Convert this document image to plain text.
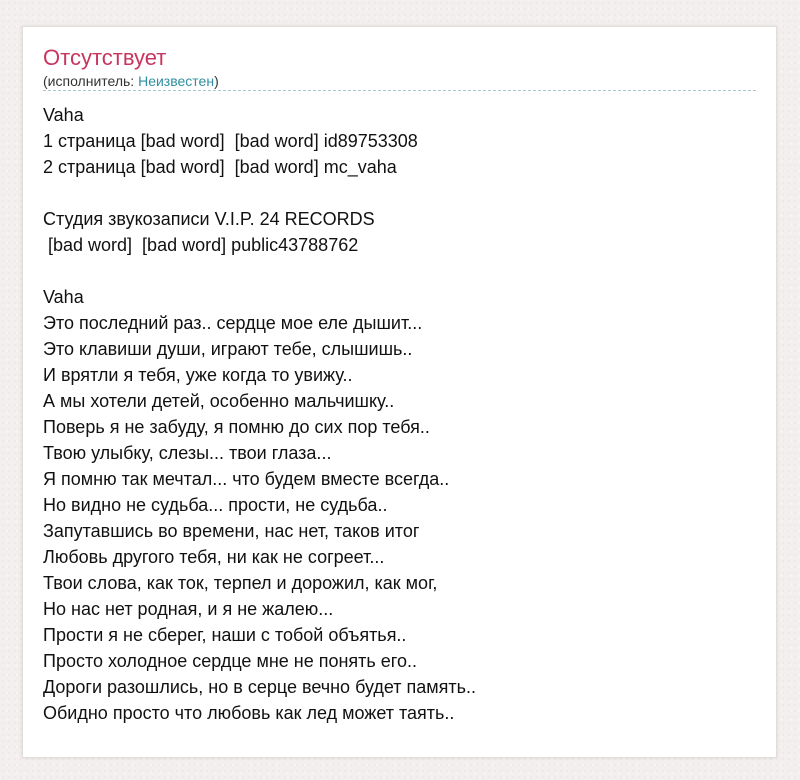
Отсутствует
(исполнитель: Неизвестен)
Vaha
1 страница [bad word]  [bad word] id89753308
2 страница [bad word]  [bad word] mc_vaha
Студия звукозаписи V.I.P. 24 RECORDS
[bad word]  [bad word] public43788762
Vaha
Это последний раз.. сердце мое еле дышит...
Это клавиши души, играют тебе, слышишь..
И врятли я тебя, уже когда то увижу..
А мы хотели детей, особенно мальчишку..
Поверь я не забуду, я помню до сих пор тебя..
Твою улыбку, слезы... твои глаза...
Я помню так мечтал... что будем вместе всегда..
Но видно не судьба... прости, не судьба..
Запутавшись во времени, нас нет, таков итог
Любовь другого тебя, ни как не согреет...
Твои слова, как ток, терпел и дорожил, как мог,
Но нас нет родная, и я не жалею...
Прости я не сберег, наши с тобой объятья..
Просто холодное сердце мне не понять его..
Дороги разошлись, но в серце вечно будет память..
Обидно просто что любовь как лед может таять..
